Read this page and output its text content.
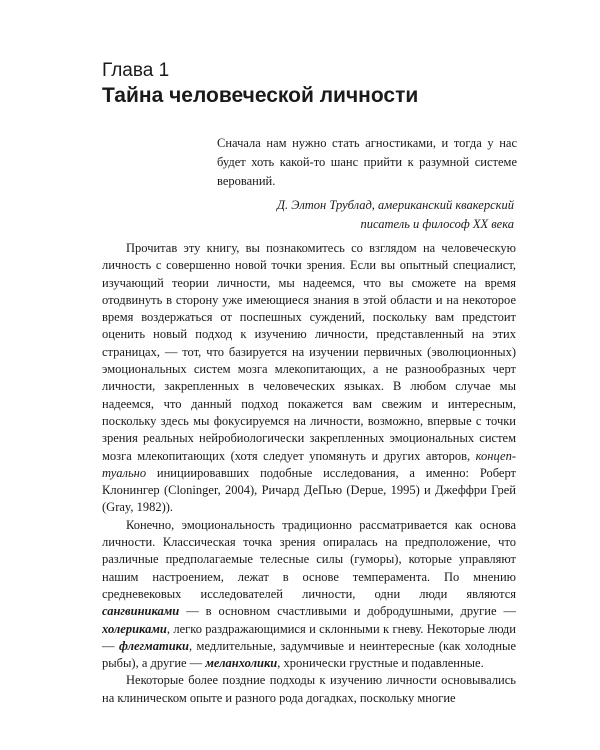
Глава 1
Тайна человеческой личности

Сначала нам нужно стать агностиками, и тогда у нас будет хоть какой-то шанс прийти к разумной системе верований.

Д. Элтон Трублад, американский квакерский

писатель и философ XX века

Прочитав эту книгу, вы познакомитесь со взглядом на человеческую личность с совершенно новой точки зрения. Если вы опытный специалист, изучающий теории личности, мы надеемся, что вы сможете на время отодвинуть в сторону уже имеющиеся знания в этой области и на некоторое время воздержаться от поспешных суждений, поскольку вам предстоит оценить новый подход к изучению личности, представленный на этих страницах, — тот, что базируется на изучении первичных (эволюционных) эмоциональных систем мозга млекопитающих, а не разнообразных черт личности, закрепленных в человеческих языках. В любом случае мы надеемся, что данный подход покажется вам свежим и интересным, поскольку здесь мы фокусируемся на личности, возможно, впервые с точки зрения реальных нейробиологически закрепленных эмоциональных систем мозга млекопитающих (хотя следует упомянуть и других авторов, концептуально инициировавших подобные исследования, а именно: Роберт Клонингер (Cloninger, 2004), Ричард ДеПью (Depue, 1995) и Джеффри Грей (Gray, 1982)).

Конечно, эмоциональность традиционно рассматривается как основа личности. Классическая точка зрения опиралась на предположение, что различные предполагаемые телесные силы (гуморы), которые управляют нашим настроением, лежат в основе темперамента. По мнению средневековых исследователей личности, одни люди являются сангвиниками — в основном счастливыми и добродушными, другие — холериками, легко раздражающимися и склонными к гневу. Некоторые люди — флегматики, медлительные, задумчивые и неинтересные (как холодные рыбы), а другие — меланхолики, хронически грустные и подавленные.

Некоторые более поздние подходы к изучению личности основывались на клиническом опыте и разного рода догадках, поскольку многие
